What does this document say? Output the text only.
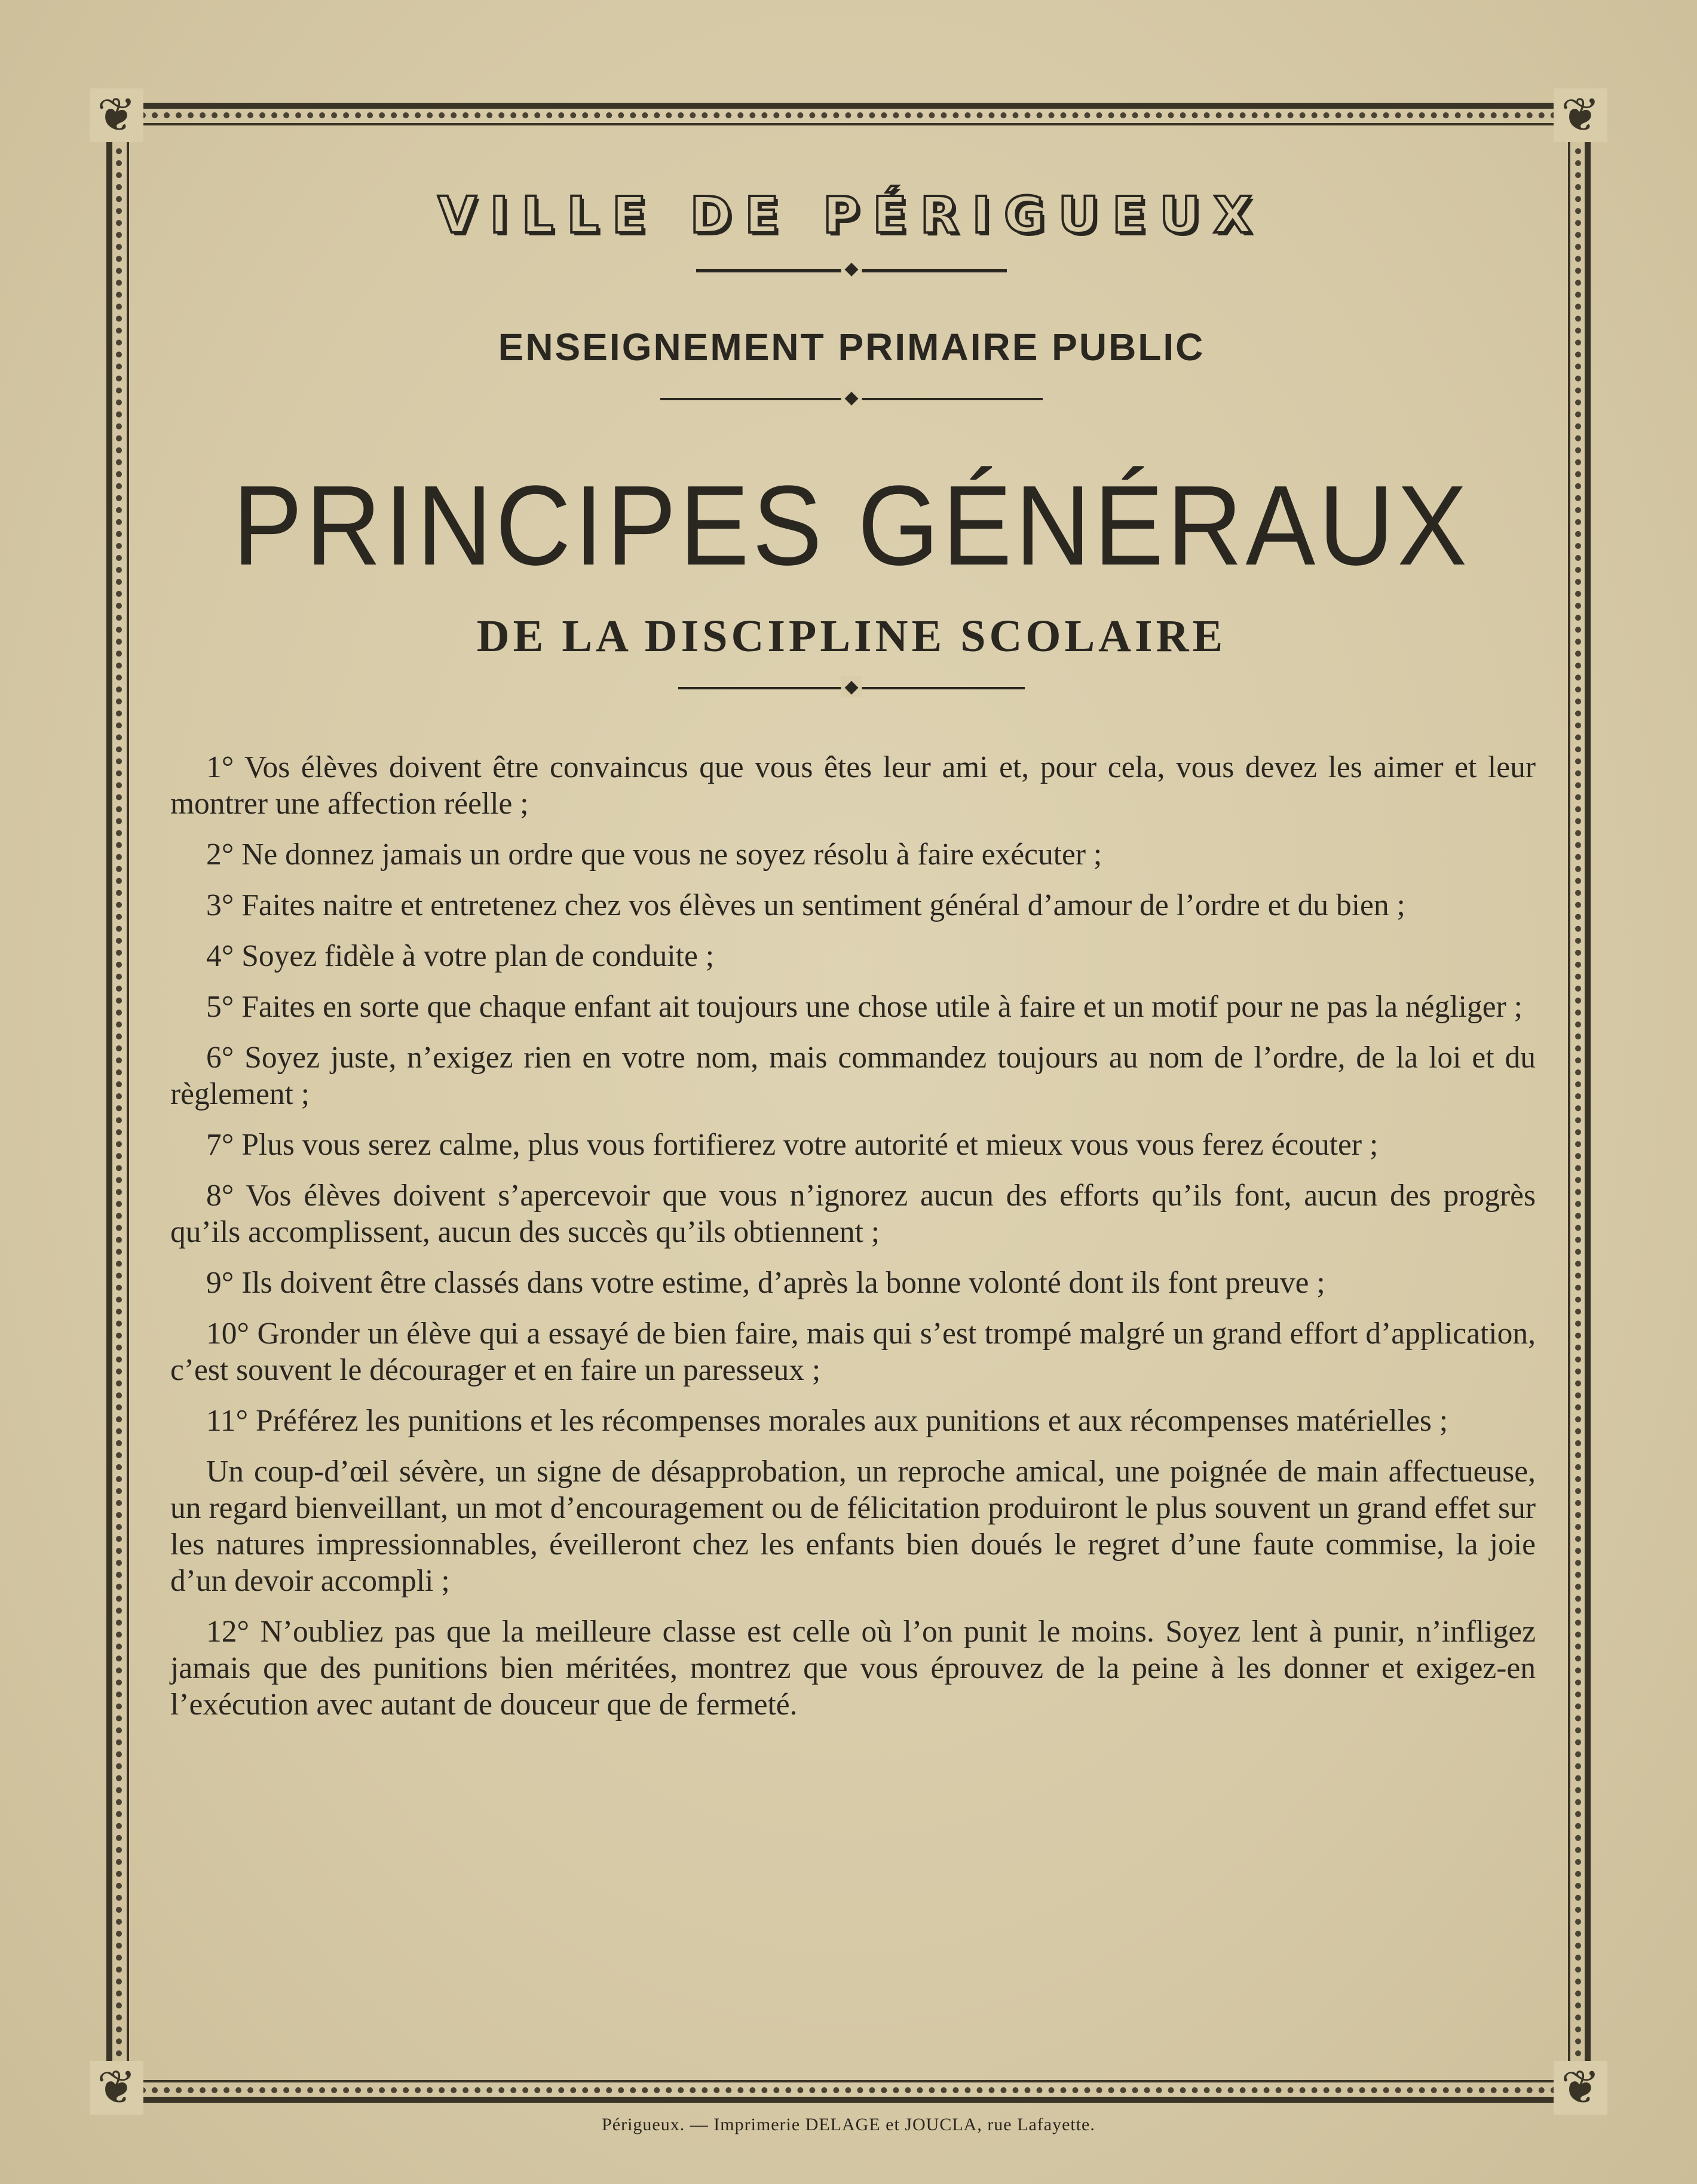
❦	❦
❦	❦
VILLE DE PÉRIGUEUX
◆
ENSEIGNEMENT PRIMAIRE PUBLIC
◆
PRINCIPES GÉNÉRAUX
DE LA DISCIPLINE SCOLAIRE
◆

1° Vos élèves doivent être convaincus que vous êtes leur ami et, pour cela, vous devez les aimer et leur montrer une affection réelle ;

2° Ne donnez jamais un ordre que vous ne soyez résolu à faire exécuter ;

3° Faites naitre et entretenez chez vos élèves un sentiment général d’amour de l’ordre et du bien ;

4° Soyez fidèle à votre plan de conduite ;

5° Faites en sorte que chaque enfant ait toujours une chose utile à faire et un motif pour ne pas la négliger ;

6° Soyez juste, n’exigez rien en votre nom, mais commandez toujours au nom de l’ordre, de la loi et du règlement ;

7° Plus vous serez calme, plus vous fortifierez votre autorité et mieux vous vous ferez écouter ;

8° Vos élèves doivent s’apercevoir que vous n’ignorez aucun des efforts qu’ils font, aucun des progrès qu’ils accomplissent, aucun des succès qu’ils obtiennent ;

9° Ils doivent être classés dans votre estime, d’après la bonne volonté dont ils font preuve ;

10° Gronder un élève qui a essayé de bien faire, mais qui s’est trompé malgré un grand effort d’application, c’est souvent le décourager et en faire un paresseux ;

11° Préférez les punitions et les récompenses morales aux punitions et aux récompenses matérielles ;

Un coup-d’œil sévère, un signe de désapprobation, un reproche amical, une poignée de main affectueuse, un regard bienveillant, un mot d’encouragement ou de félicitation produiront le plus souvent un grand effet sur les natures impressionnables, éveilleront chez les enfants bien doués le regret d’une faute commise, la joie d’un devoir accompli ;

12° N’oubliez pas que la meilleure classe est celle où l’on punit le moins. Soyez lent à punir, n’infligez jamais que des punitions bien méritées, montrez que vous éprouvez de la peine à les donner et exigez-en l’exécution avec autant de douceur que de fermeté.

Périgueux. — Imprimerie DELAGE et JOUCLA, rue Lafayette.
